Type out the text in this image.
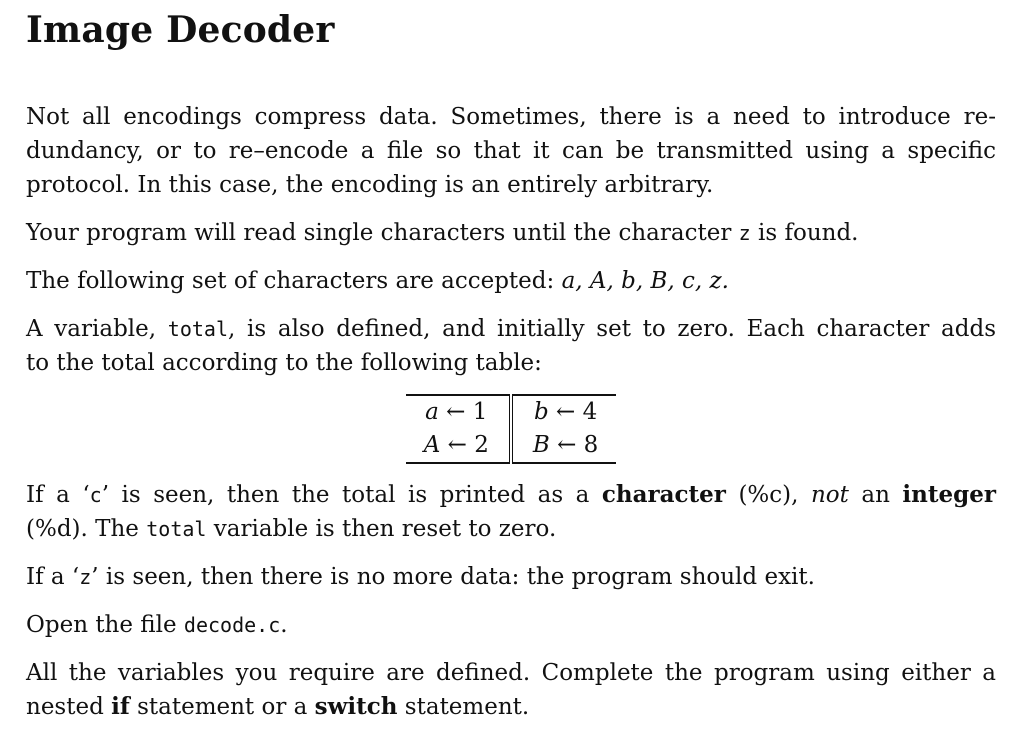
Image Decoder
Not all encodings compress data. Sometimes, there is a need to introduce re-
dundancy, or to re–encode a file so that it can be transmitted using a specific
protocol. In this case, the encoding is an entirely arbitrary.
Your program will read single characters until the character z is found.
The following set of characters are accepted: a, A, b, B, c, z.
A variable, total, is also defined, and initially set to zero. Each character adds
to the total according to the following table:
a ← 1	b ← 4
A ← 2	B ← 8
If a ‘c’ is seen, then the total is printed as a character (%c), not an integer
(%d). The total variable is then reset to zero.
If a ‘z’ is seen, then there is no more data: the program should exit.
Open the file decode.c.
All the variables you require are defined. Complete the program using either a
nested if statement or a switch statement.
